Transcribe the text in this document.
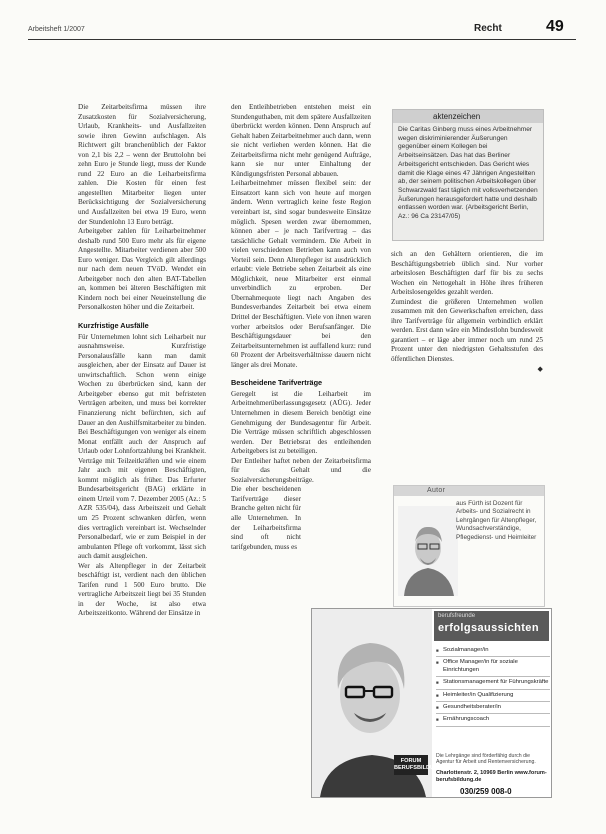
Arbeitsheft 1/2007	Recht	49

Die Zeitarbeitsfirma müssen ihre Zusatzkosten für Sozialversicherung, Urlaub, Krankheits- und Ausfallzeiten sowie ihren Gewinn aufschlagen. Als Richtwert gilt branchenüblich der Faktor von 2,1 bis 2,2 – wenn der Bruttolohn bei zehn Euro je Stunde liegt, muss der Kunde rund 22 Euro an die Leiharbeitsfirma zahlen. Die Kosten für einen fest angestellten Mitarbeiter liegen unter Berücksichtigung der Sozialversicherung und Ausfallzeiten bei etwa 19 Euro, wenn der Stundenlohn 13 Euro beträgt.

Arbeitgeber zahlen für Leiharbeitnehmer deshalb rund 500 Euro mehr als für eigene Angestellte. Mitarbeiter verdienen aber 500 Euro weniger. Das Vergleich gilt allerdings nur nach dem neuen TVöD. Wendet ein Arbeitgeber noch den alten BAT-Tabellen an, kommen bei älteren Beschäftigten mit Kindern noch bei einer Neueinstellung die Personalkosten höher und die Zeitarbeit.

Kurzfristige Ausfälle

Für Unternehmen lohnt sich Leiharbeit nur ausnahmsweise. Kurzfristige Personalausfälle kann man damit ausgleichen, aber der Einsatz auf Dauer ist unwirtschaftlich. Schon wenn einige Wochen zu überbrücken sind, kann der Arbeitgeber ebenso gut mit befristeten Verträgen arbeiten, und muss bei korrekter Finanzierung nicht befürchten, sich auf Dauer an den Aushilfsmitarbeiter zu binden. Bei Beschäftigungen von weniger als einem Monat entfällt auch der Anspruch auf Urlaub oder Lohnfortzahlung bei Krankheit. Verträge mit Teilzeitkräften und wie einem Jahr auch mit eigenen Beschäftigten, kommt möglich als früher. Das Erfurter Bundesarbeitsgericht (BAG) erklärte in einem Urteil vom 7. Dezember 2005 (Az.: 5 AZR 535/04), dass Arbeitszeit und Gehalt um 25 Prozent schwanken dürfen, wenn dies vertraglich vereinbart ist. Wechselnder Personalbedarf, wie er zum Beispiel in der ambulanten Pflege oft vorkommt, lässt sich auch damit ausgleichen.

Wer als Altenpfleger in der Zeitarbeit beschäftigt ist, verdient nach den üblichen Tarifen rund 1 500 Euro brutto. Die vertragliche Arbeitszeit liegt bei 35 Stunden in der Woche, ist also etwa Arbeitszeitkonto. Während der Einsätze in

den Entleihbetrieben entstehen meist ein Stundenguthaben, mit dem spätere Ausfallzeiten überbrückt werden können. Denn Anspruch auf Gehalt haben Zeitarbeitnehmer auch dann, wenn sie nicht verliehen werden können. Hat die Zeitarbeitsfirma nicht mehr genügend Aufträge, kann sie nur unter Einhaltung der Kündigungsfristen Personal abbauen.

Leiharbeitnehmer müssen flexibel sein: der Einsatzort kann sich von heute auf morgen ändern. Wenn vertraglich keine feste Region vereinbart ist, sind sogar bundesweite Einsätze möglich. Spesen werden zwar übernommen, können aber – je nach Tarifvertrag – das tatsächliche Gehalt vermindern. Die Arbeit in vielen verschiedenen Betrieben kann auch von Vorteil sein. Denn Altenpfleger ist ausdrücklich erlaubt: viele Betriebe sehen Zeitarbeit als eine Möglichkeit, neue Mitarbeiter erst einmal unverbindlich zu erproben. Der Übernahmequote liegt nach Angaben des Bundesverbandes Zeitarbeit bei etwa einem Drittel der Beschäftigten. Viele von ihnen waren vorher arbeitslos oder Berufsanfänger. Die Beschäftigungsdauer bei den Zeitarbeitsunternehmen ist auffallend kurz: rund 60 Prozent der Arbeitsverhältnisse dauern nicht länger als drei Monate.

Bescheidene Tarifverträge

Geregelt ist die Leiharbeit im Arbeitnehmerüberlassungsgesetz (AÜG). Jeder Unternehmen in diesem Bereich benötigt eine Genehmigung der Bundesagentur für Arbeit. Die Verträge müssen schriftlich abgeschlossen werden. Der Betriebsrat des entleihenden Arbeitgebers ist zu beteiligen.

Der Entleiher haftet neben der Zeitarbeitsfirma für das Gehalt und die Sozialversicherungsbeiträge.

Die eher bescheidenen Tarifverträge dieser Branche gelten nicht für alle Unternehmen. In der Leiharbeitsfirma sind oft nicht tarifgebunden, muss es

aktenzeichen
Die Caritas Ginberg muss eines Arbeitnehmer wegen diskriminierender Äußerungen gegenüber einem Kollegen bei Arbeitseinsätzen. Das hat das Berliner Arbeitsgericht entschieden. Das Gericht wies damit die Klage eines 47 Jährigen Angestellten ab, der seinem politischen Arbeitskollegen über Schwarzwald fast täglich mit volksverhetzenden Äußerungen herausgefordert hatte und deshalb entlassen worden war. (Arbeitsgericht Berlin, Az.: 96 Ca 23147/05)

sich an den Gehältern orientieren, die im Beschäftigungsbetrieb üblich sind. Nur vorher arbeitslosen Beschäftigten darf für bis zu sechs Wochen ein Nettogehalt in Höhe ihres früheren Arbeitslosengeldes gezahlt werden.

Zumindest die größeren Unternehmen wollen zusammen mit den Gewerkschaften erreichen, dass ihre Tarifverträge für allgemein verbindlich erklärt werden. Erst dann wäre ein Mindestlohn bundesweit garantiert – er läge aber immer noch um rund 25 Prozent unter den niedrigsten Gehaltsstufen des öffentlichen Dienstes.

◆

Autor
aus Fürth ist Dozent für Arbeits- und Sozialrecht in Lehrgängen für Altenpfleger, Wundsachverständige, Pflegedienst- und Heimleiter
FORUM BERUFSBILDUNG
berufsfreunde
erfolgsaussichten
■ Sozialmanager/in
■ Office Manager/in für soziale Einrichtungen
■ Stationsmanagement für Führungskräfte
■ Heimleiter/in Qualifizierung
■ Gesundheitsberater/in
■ Ernährungscoach
Die Lehrgänge sind förderfähig durch die Agentur für Arbeit und Rentenversicherung.
Charlottenstr. 2, 10969 Berlin www.forum-berufsbildung.de
030/259 008-0
